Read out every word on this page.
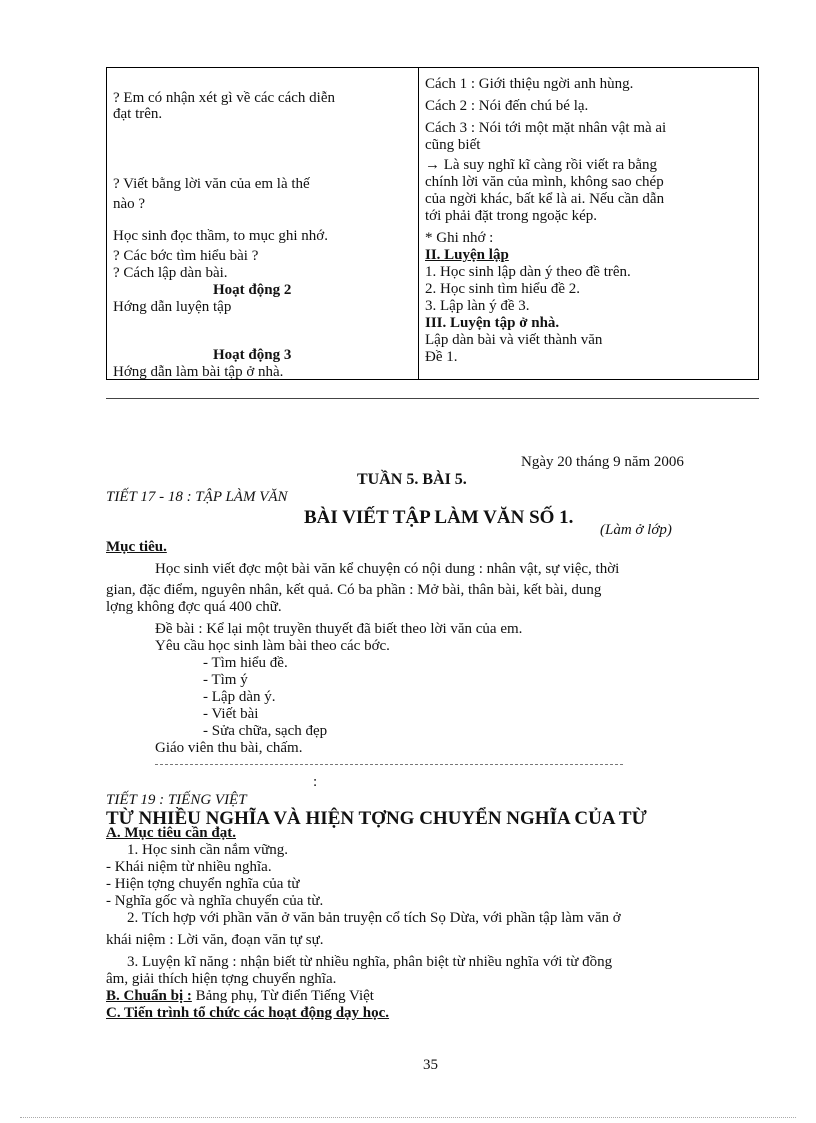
? Em có nhận xét gì về các cách diễn
đạt trên.
? Viết bằng lời văn của em là thế
nào ?
Học sinh đọc thầm, to mục ghi nhớ.
? Các bớc tìm hiểu bài ?
? Cách lập dàn bài.
Hoạt động 2
Hớng dẫn luyện tập
Hoạt động 3
Hớng dẫn làm bài tập ở nhà.
Cách 1 : Giới thiệu ngời anh hùng.
Cách 2 : Nói đến chú bé lạ.
Cách 3 : Nói tới một mặt nhân vật mà ai
cũng biết
→ Là suy nghĩ kĩ càng rồi viết ra bằng
chính lời văn của mình, không sao chép
của ngời khác, bất kể là ai. Nếu cần dẫn
tới phải đặt trong ngoặc kép.
* Ghi nhớ :
II. Luyện lập
1. Học sinh lập dàn ý theo đề trên.
2. Học sinh tìm hiểu đề 2.
3. Lập làn ý đề 3.
III. Luyện tập ở nhà.
Lập dàn bài và viết thành văn
Đề 1.
Ngày 20 tháng 9 năm 2006
TUẦN 5. BÀI 5.
TIẾT 17 - 18 : TẬP LÀM VĂN
BÀI VIẾT TẬP LÀM VĂN SỐ 1.
(Làm ở lớp)
Mục tiêu.
Học sinh viết đợc một bài văn kể chuyện có nội dung : nhân vật, sự việc, thời
gian, đặc điểm, nguyên nhân, kết quả. Có ba phần : Mở bài, thân bài, kết bài, dung
lợng không đợc quá 400 chữ.
Đề bài : Kể lại một truyền thuyết đã biết theo lời văn của em.
Yêu cầu học sinh làm bài theo các bớc.
- Tìm hiểu đề.
- Tìm ý
- Lập dàn ý.
- Viết bài
- Sửa chữa, sạch đẹp
Giáo viên thu bài, chấm.
:
TIẾT 19 : TIẾNG VIỆT
TỪ NHIỀU NGHĨA VÀ HIỆN TỢNG CHUYỂN NGHĨA CỦA TỪ
A. Mục tiêu cần đạt.
1. Học sinh cần nắm vững.
- Khái niệm từ nhiều nghĩa.
- Hiện tợng chuyển nghĩa của từ
- Nghĩa gốc và nghĩa chuyển của từ.
2. Tích hợp với phần văn ở văn bản truyện cổ tích Sọ Dừa, với phần tập làm văn ở
khái niệm : Lời văn, đoạn văn tự sự.
3. Luyện kĩ năng : nhận biết từ nhiều nghĩa, phân biệt từ nhiều nghĩa với từ đồng
âm, giải thích hiện tợng chuyển nghĩa.
B. Chuẩn bị : Bảng phụ, Từ điển Tiếng Việt
C. Tiến trình tổ chức các hoạt động dạy học.
35
